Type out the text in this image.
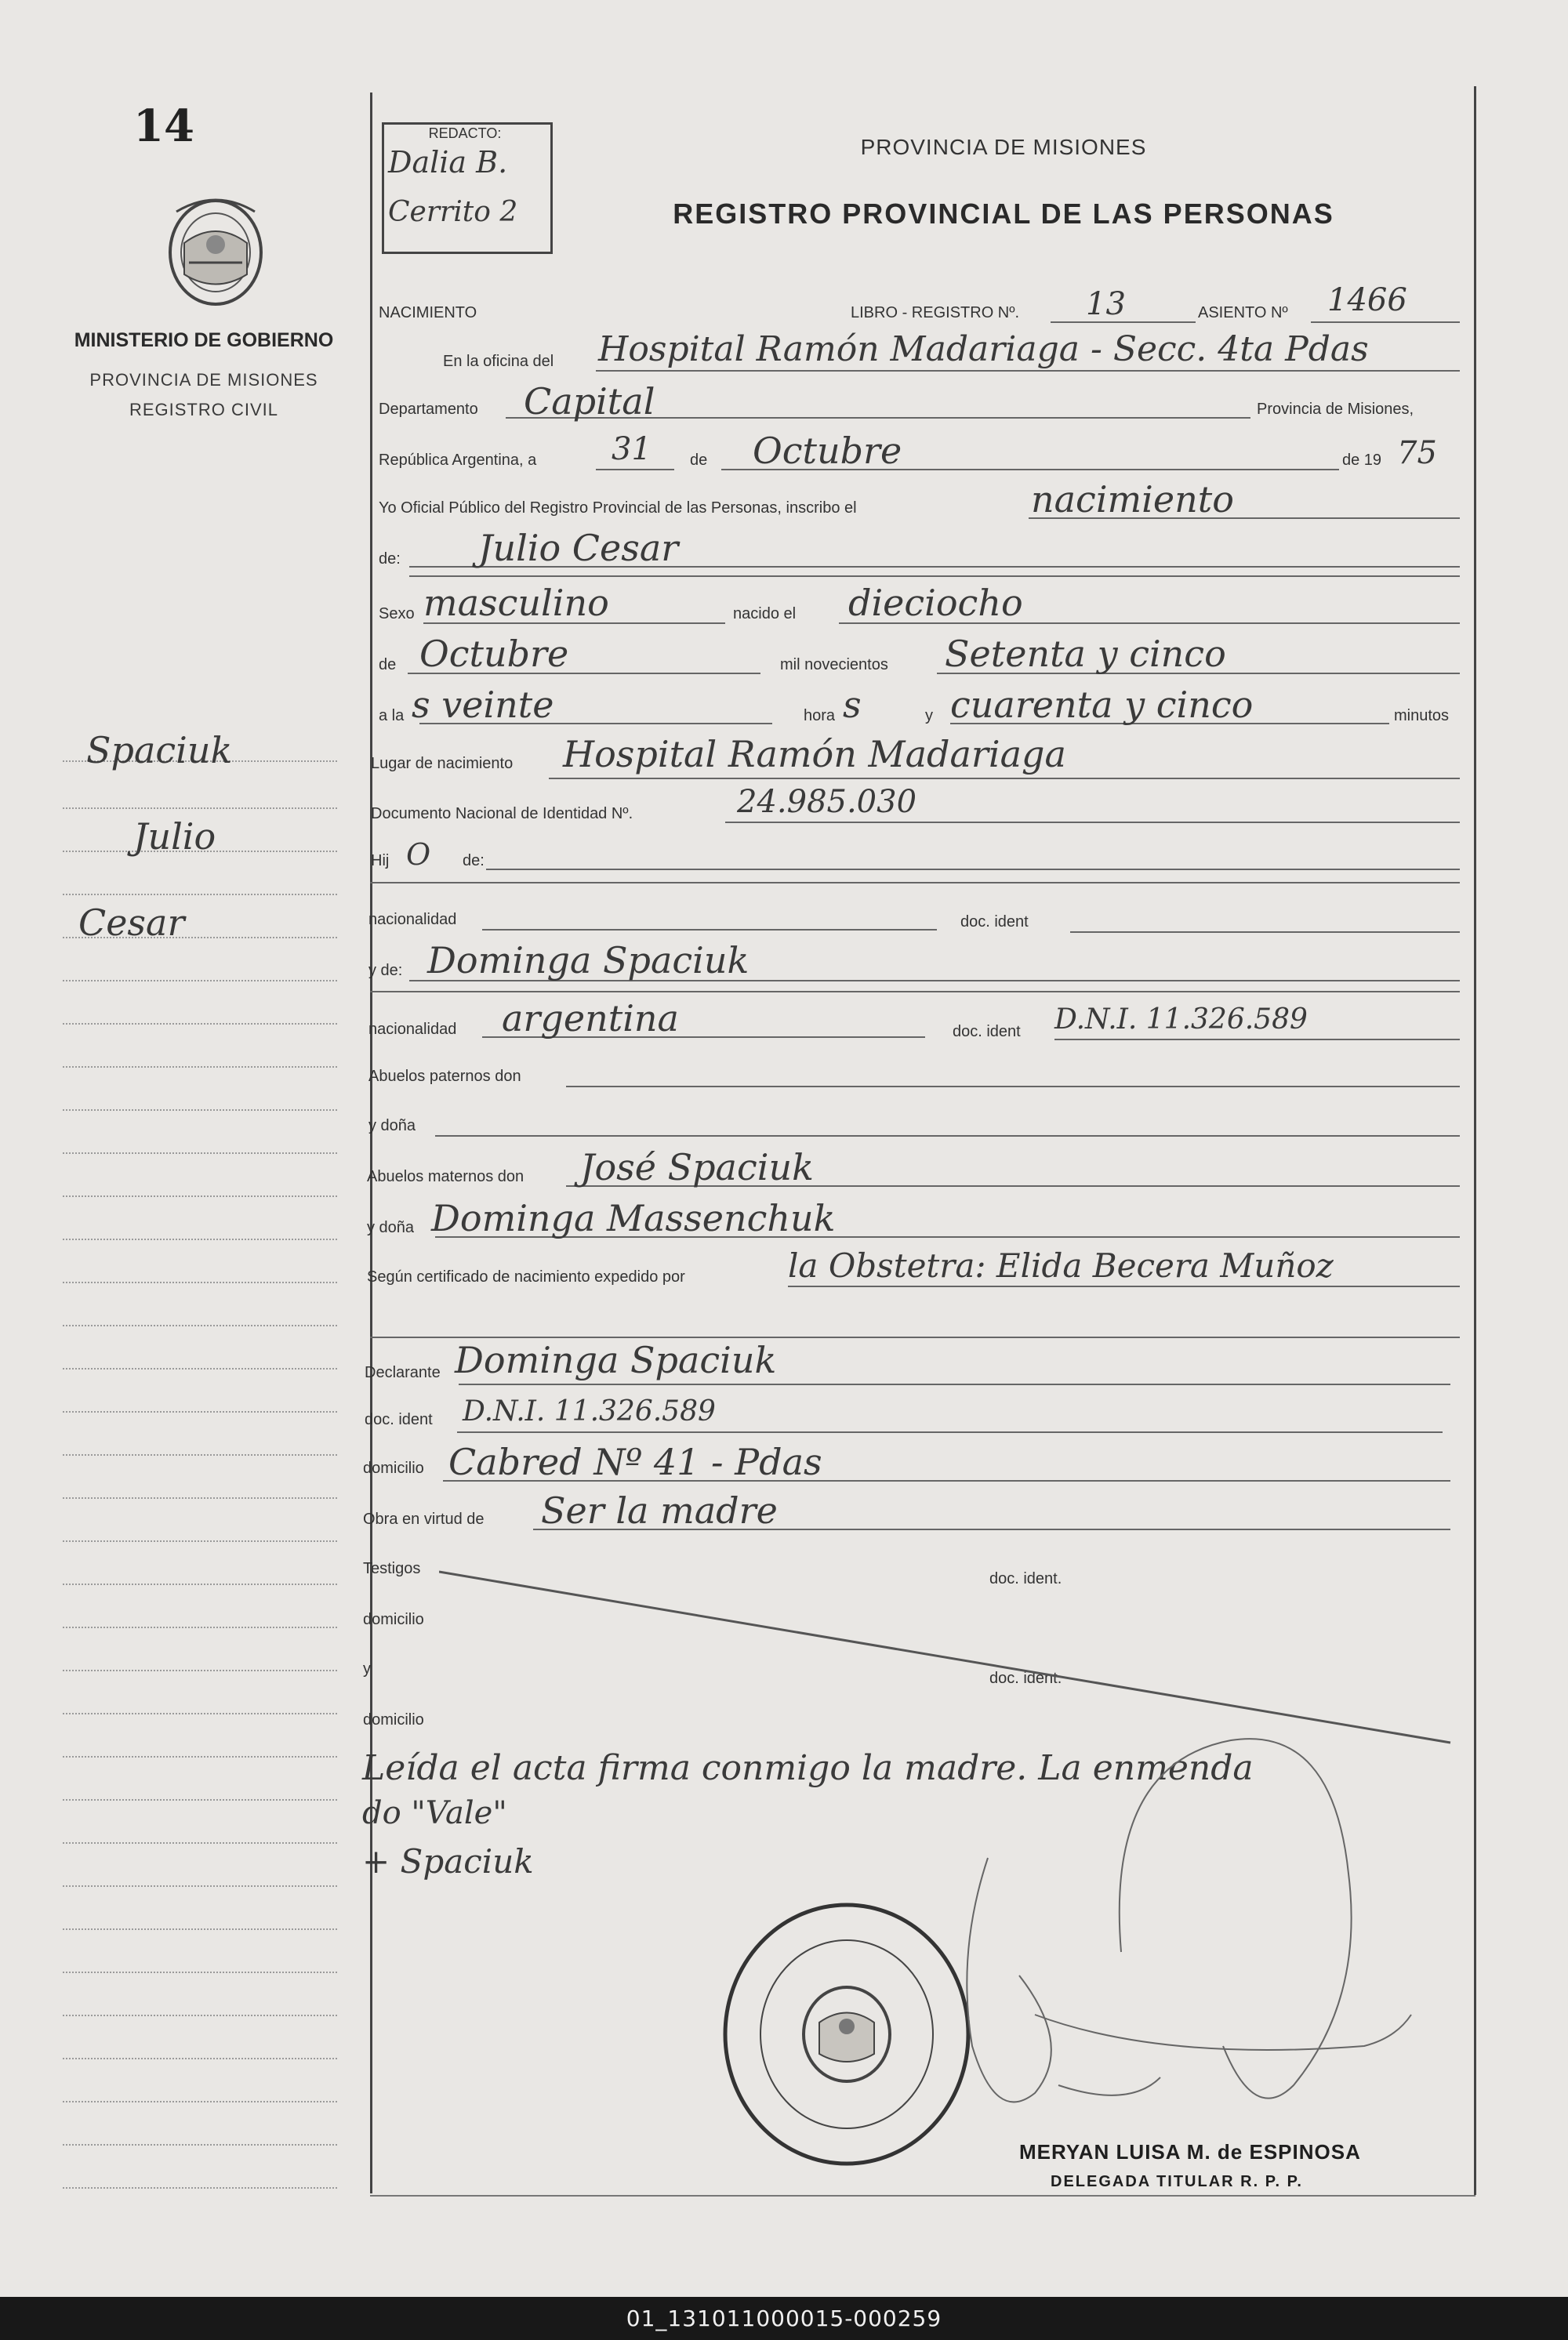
14
MINISTERIO DE GOBIERNO
PROVINCIA DE MISIONES
REGISTRO CIVIL
Spaciuk
Julio
Cesar
REDACTO:
Dalia B.
Cerrito 2
PROVINCIA DE MISIONES
REGISTRO PROVINCIAL DE LAS PERSONAS
NACIMIENTO	LIBRO - REGISTRO Nº. 13	ASIENTO Nº 1466
En la oficina del Hospital Ramón Madariaga - Secc. 4ta Pdas
Departamento Capital	Provincia de Misiones,
República Argentina, a 31 de Octubre	de 19 75
Yo Oficial Público del Registro Provincial de las Personas, inscribo el	nacimiento
de: Julio Cesar
Sexo masculino	nacido el dieciocho
de Octubre	mil novecientos Setenta y cinco
a la s veinte	hora s	y cuarenta y cinco	minutos
Lugar de nacimiento Hospital Ramón Madariaga
Documento Nacional de Identidad Nº.	24.985.030
Hij O de:
nacionalidad	doc. ident
y de: Dominga Spaciuk
nacionalidad argentina	doc. ident D.N.I. 11.326.589
Abuelos paternos don
y doña
Abuelos maternos don José Spaciuk
y doña Dominga Massenchuk
Según certificado de nacimiento expedido por	la Obstetra: Elida Becera Muñoz
Declarante Dominga Spaciuk
doc. ident D.N.I. 11.326.589
domicilio Cabred Nº 41 - Pdas
Obra en virtud de Ser la madre
Testigos
doc. ident.
domicilio
y
doc. ident.
domicilio
Leída el acta firma conmigo la madre. La enmenda
do "Vale"
+ Spaciuk
MERYAN LUISA M. de ESPINOSA
DELEGADA TITULAR R. P. P.
01_131011000015-000259
